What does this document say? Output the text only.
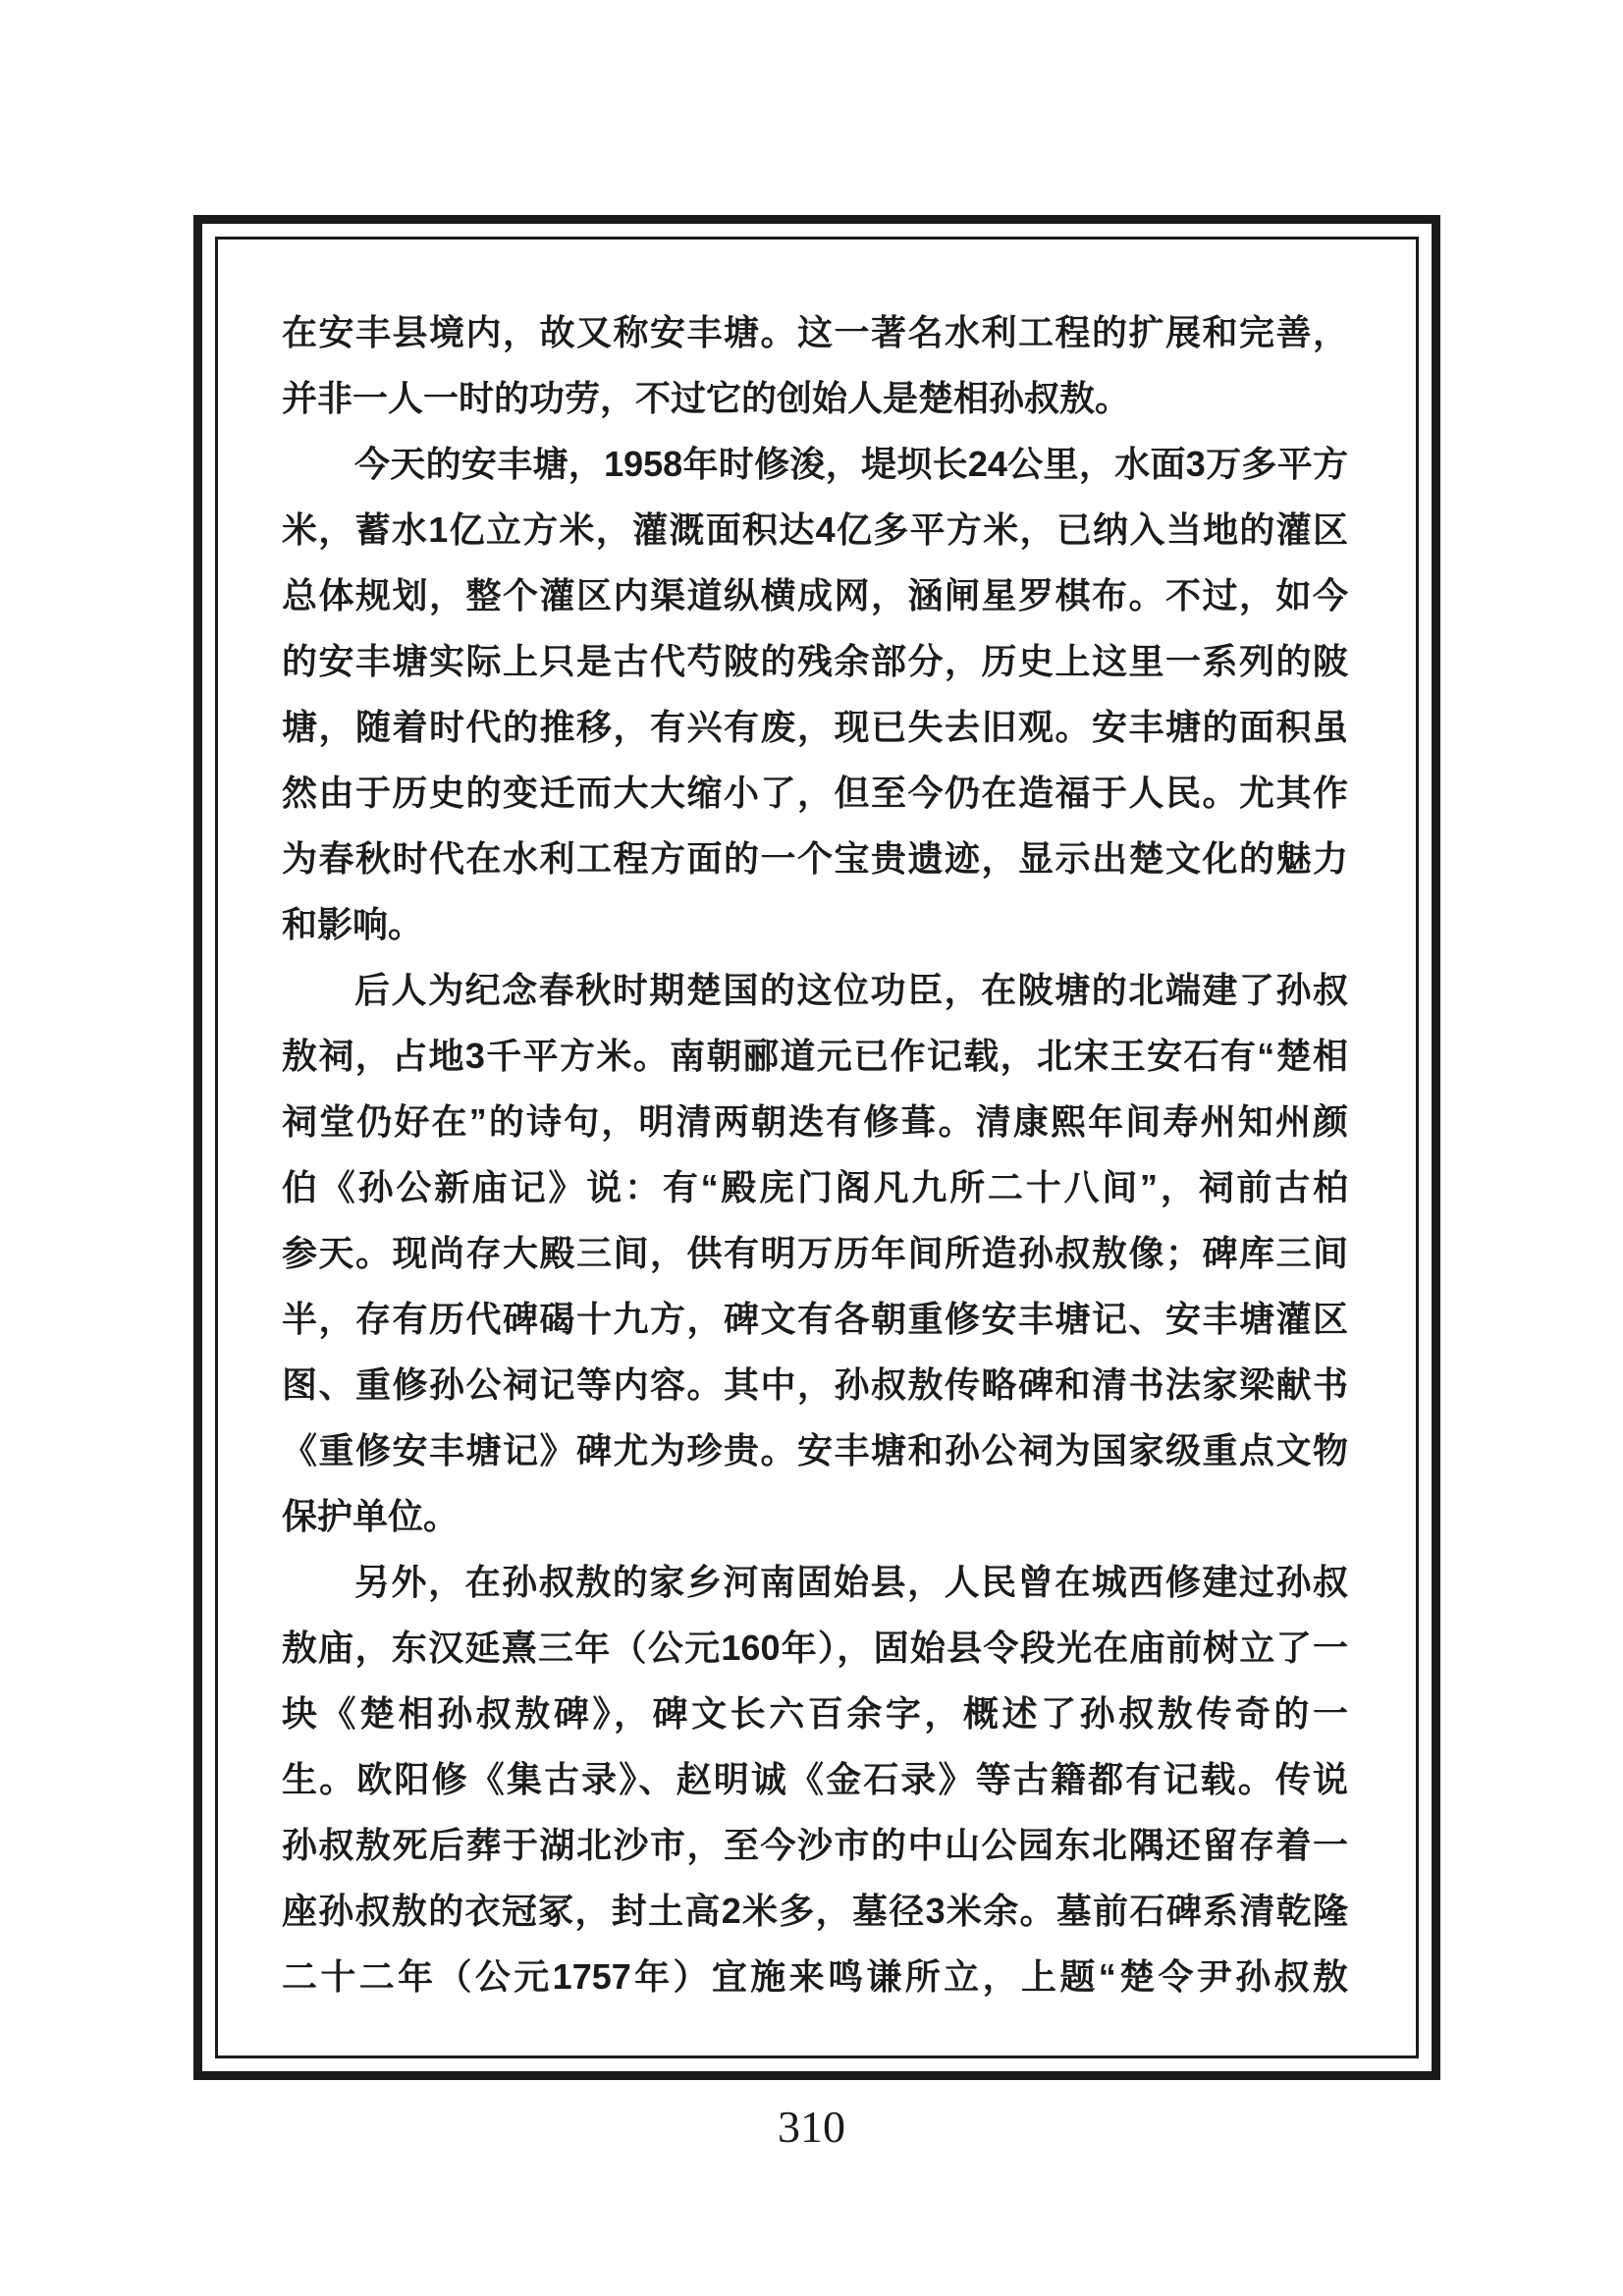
在安丰县境内，故又称安丰塘。这一著名水利工程的扩展和完善，
并非一人一时的功劳，不过它的创始人是楚相孙叔敖。
今天的安丰塘，1958年时修浚，堤坝长24公里，水面3万多平方
米，蓄水1亿立方米，灌溉面积达4亿多平方米，已纳入当地的灌区
总体规划，整个灌区内渠道纵横成网，涵闸星罗棋布。不过，如今
的安丰塘实际上只是古代芍陂的残余部分，历史上这里一系列的陂
塘，随着时代的推移，有兴有废，现已失去旧观。安丰塘的面积虽
然由于历史的变迁而大大缩小了，但至今仍在造福于人民。尤其作
为春秋时代在水利工程方面的一个宝贵遗迹，显示出楚文化的魅力
和影响。
后人为纪念春秋时期楚国的这位功臣，在陂塘的北端建了孙叔
敖祠，占地3千平方米。南朝郦道元已作记载，北宋王安石有“楚相
祠堂仍好在”的诗句，明清两朝迭有修葺。清康熙年间寿州知州颜
伯《孙公新庙记》说：有“殿庑门阁凡九所二十八间”，祠前古柏
参天。现尚存大殿三间，供有明万历年间所造孙叔敖像；碑库三间
半，存有历代碑碣十九方，碑文有各朝重修安丰塘记、安丰塘灌区
图、重修孙公祠记等内容。其中，孙叔敖传略碑和清书法家梁献书
《重修安丰塘记》碑尤为珍贵。安丰塘和孙公祠为国家级重点文物
保护单位。
另外，在孙叔敖的家乡河南固始县，人民曾在城西修建过孙叔
敖庙，东汉延熹三年（公元160年），固始县令段光在庙前树立了一
块《楚相孙叔敖碑》，碑文长六百余字，概述了孙叔敖传奇的一
生。欧阳修《集古录》、赵明诚《金石录》等古籍都有记载。传说
孙叔敖死后葬于湖北沙市，至今沙市的中山公园东北隅还留存着一
座孙叔敖的衣冠冢，封土高2米多，墓径3米余。墓前石碑系清乾隆
二十二年（公元1757年）宜施来鸣谦所立，上题“楚令尹孙叔敖
310
